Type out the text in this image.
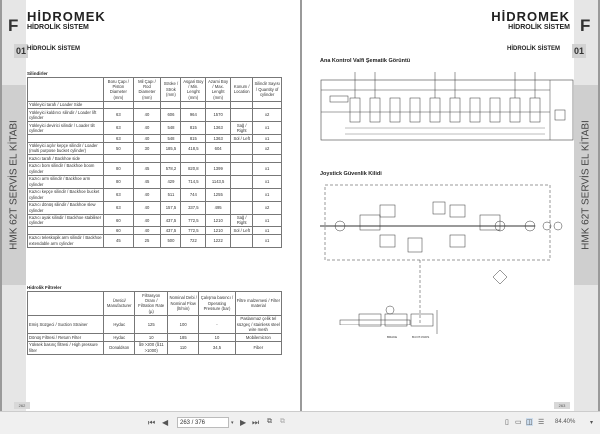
F
01
HMK 62T SERVİS EL KİTABI
HİDROMEK
HİDROLİK SİSTEM
HİDROLİK SİSTEM
Silindirler
	Boru Çapı / Piston Diameter (mm)	Mil Çapı / Rod Diameter (mm)	Stroke / Strok (mm)	Asgari Boy / Min. Lenght (mm)	Azami Boy / Max. Lenght (mm)	Konum / Location	Silindir Sayısı / Quantity of cylinder
Yükleyici tarafı / Loader Side							
Yükleyici kaldırıcı silindir / Loader lift cylinder	63	40	606	964	1570		x2
Yükleyici devirici silindir / Loader tilt cylinder	63	40	548	815	1363	Sağ / Right	x1
	63	40	548	815	1363	Sol / Left	x1
Yükleyici açılır kepçe silindir / Loader (multi purpose bucket cylinder)	50	30	185,5	418,5	604		x2
Kazıcı tarafı / Backhoe side							
Kazıcı bom silindir / Backhoe boom cylinder	80	45	578,2	820,8	1399		x1
Kazıcı arm silindir / Backhoe arm cylinder	80	45	429	714,5	1143,5		x1
Kazıcı kepçe silindir / Backhoe bucket cylinder	63	40	511	744	1255		x1
Kazıcı dönüş silindir / Backhoe slew cylinder	63	40	157,5	337,5	495		x2
Kazıcı ayak silindir / Backhoe stabiliser cylinder	60	40	437,5	772,5	1210	Sağ / Right	x1
	60	40	437,5	772,5	1210	Sol / Left	x1
Kazıcı teleskopik arm silindir / Backhoe extendable arm cylinder	45	25	500	722	1222		x1
Hidrolik Filtreler
	Üretici/ Manufacturer	Filtrasyon Oranı / Filtration Rate (µ)	Nominal Debi / Nominal Flow (lt/min)	Çalışma basıncı / Operating Pressure (bar)	Filtre malzemesi / Filter material
Emiş Süzgeci / Suction Strainer	Hydac	125	100	-	Paslanmaz çelik tel süzgeç / stainless steel wire mesh
Dönüş Filtresi / Return Filter	Hydac	10	185	10	Mobilemicron
Yüksek basınç filtresi / High pressure filter	Donaldson	ß9 >200 (ß11 >1000)	110	34,5	Fiber
262
F
01
HMK 62T SERVİS EL KİTABI
HİDROMEK
HİDROLİK SİSTEM
HİDROLİK SİSTEM
Ana Kontrol Valfi Şematik Görüntü
Joystick Güvenlik Kilidi
BRAKE	B4 DT-PADS
263
⏮ ◀	263 / 376	▾ ▶ ⏭ ⧉ ⧉	▯ ▭ ◫ ☰ 84.40% ▾
